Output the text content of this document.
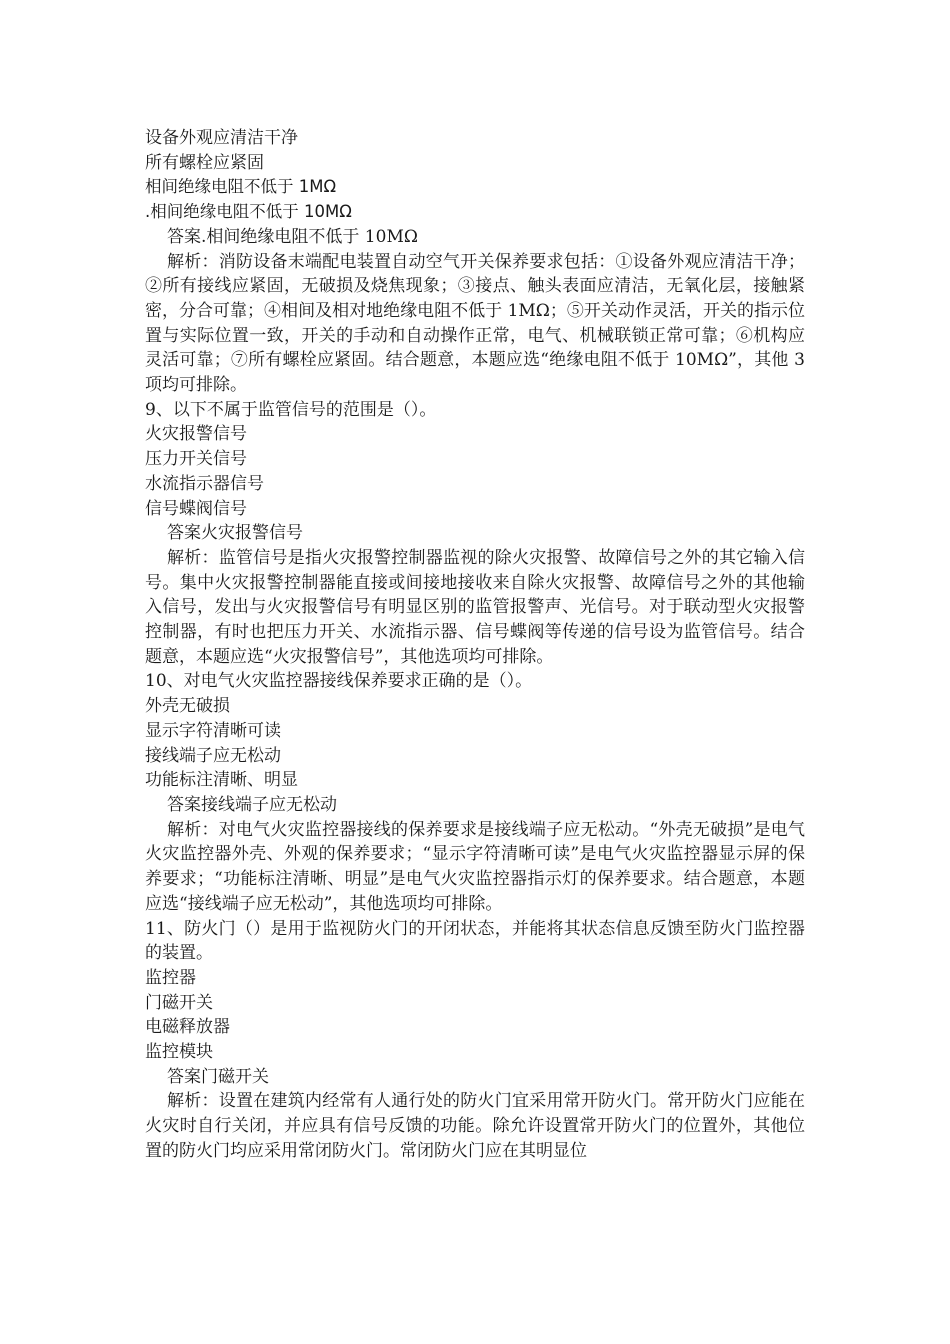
设备外观应清洁干净
所有螺栓应紧固
相间绝缘电阻不低于 1MΩ
.相间绝缘电阻不低于 10MΩ
答案.相间绝缘电阻不低于 10MΩ
解析：消防设备末端配电装置自动空气开关保养要求包括：①设备外观应清洁干净；②所有接线应紧固，无破损及烧焦现象；③接点、触头表面应清洁，无氧化层，接触紧密，分合可靠；④相间及相对地绝缘电阻不低于 1MΩ；⑤开关动作灵活，开关的指示位置与实际位置一致，开关的手动和自动操作正常，电气、机械联锁正常可靠；⑥机构应灵活可靠；⑦所有螺栓应紧固。结合题意，本题应选“绝缘电阻不低于 10MΩ”，其他 3 项均可排除。
9、以下不属于监管信号的范围是（）。
火灾报警信号
压力开关信号
水流指示器信号
信号蝶阀信号
答案火灾报警信号
解析：监管信号是指火灾报警控制器监视的除火灾报警、故障信号之外的其它输入信号。集中火灾报警控制器能直接或间接地接收来自除火灾报警、故障信号之外的其他输入信号，发出与火灾报警信号有明显区别的监管报警声、光信号。对于联动型火灾报警控制器，有时也把压力开关、水流指示器、信号蝶阀等传递的信号设为监管信号。结合题意，本题应选“火灾报警信号”，其他选项均可排除。
10、对电气火灾监控器接线保养要求正确的是（）。
外壳无破损
显示字符清晰可读
接线端子应无松动
功能标注清晰、明显
答案接线端子应无松动
解析：对电气火灾监控器接线的保养要求是接线端子应无松动。“外壳无破损”是电气火灾监控器外壳、外观的保养要求；“显示字符清晰可读”是电气火灾监控器显示屏的保养要求；“功能标注清晰、明显”是电气火灾监控器指示灯的保养要求。结合题意，本题应选“接线端子应无松动”，其他选项均可排除。
11、防火门（）是用于监视防火门的开闭状态，并能将其状态信息反馈至防火门监控器的装置。
监控器
门磁开关
电磁释放器
监控模块
答案门磁开关
解析：设置在建筑内经常有人通行处的防火门宜采用常开防火门。常开防火门应能在火灾时自行关闭，并应具有信号反馈的功能。除允许设置常开防火门的位置外，其他位置的防火门均应采用常闭防火门。常闭防火门应在其明显位
